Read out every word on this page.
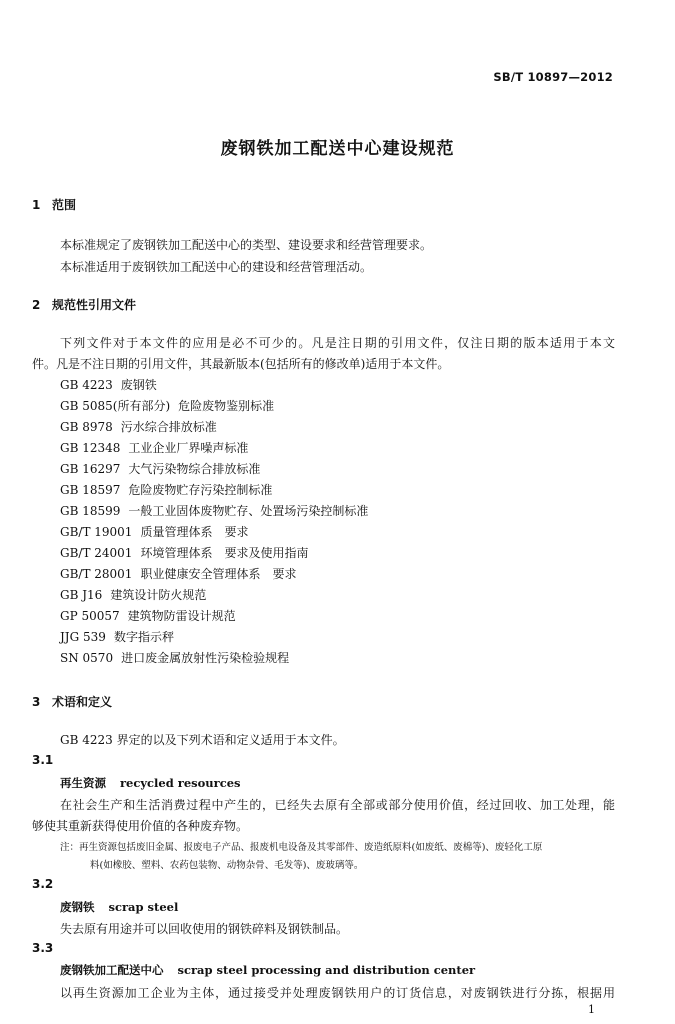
SB/T 10897—2012
废钢铁加工配送中心建设规范
1 范围
本标准规定了废钢铁加工配送中心的类型、建设要求和经营管理要求。
本标准适用于废钢铁加工配送中心的建设和经营管理活动。
2 规范性引用文件
下列文件对于本文件的应用是必不可少的。凡是注日期的引用文件，仅注日期的版本适用于本文
件。凡是不注日期的引用文件，其最新版本(包括所有的修改单)适用于本文件。
GB 4223 废钢铁
GB 5085(所有部分) 危险废物鉴别标准
GB 8978 污水综合排放标准
GB 12348 工业企业厂界噪声标准
GB 16297 大气污染物综合排放标准
GB 18597 危险废物贮存污染控制标准
GB 18599 一般工业固体废物贮存、处置场污染控制标准
GB/T 19001 质量管理体系　要求
GB/T 24001 环境管理体系　要求及使用指南
GB/T 28001 职业健康安全管理体系　要求
GB J16 建筑设计防火规范
GP 50057 建筑物防雷设计规范
JJG 539 数字指示秤
SN 0570 进口废金属放射性污染检验规程
3 术语和定义
GB 4223 界定的以及下列术语和定义适用于本文件。
3.1
再生资源 recycled resources
在社会生产和生活消费过程中产生的，已经失去原有全部或部分使用价值，经过回收、加工处理，能
够使其重新获得使用价值的各种废弃物。
注：再生资源包括废旧金属、报废电子产品、报废机电设备及其零部件、废造纸原料(如废纸、废棉等)、废轻化工原
料(如橡胶、塑料、农药包装物、动物杂骨、毛发等)、废玻璃等。
3.2
废钢铁 scrap steel
失去原有用途并可以回收使用的钢铁碎料及钢铁制品。
3.3
废钢铁加工配送中心 scrap steel processing and distribution center
以再生资源加工企业为主体，通过接受并处理废钢铁用户的订货信息，对废钢铁进行分拣，根据用
1
